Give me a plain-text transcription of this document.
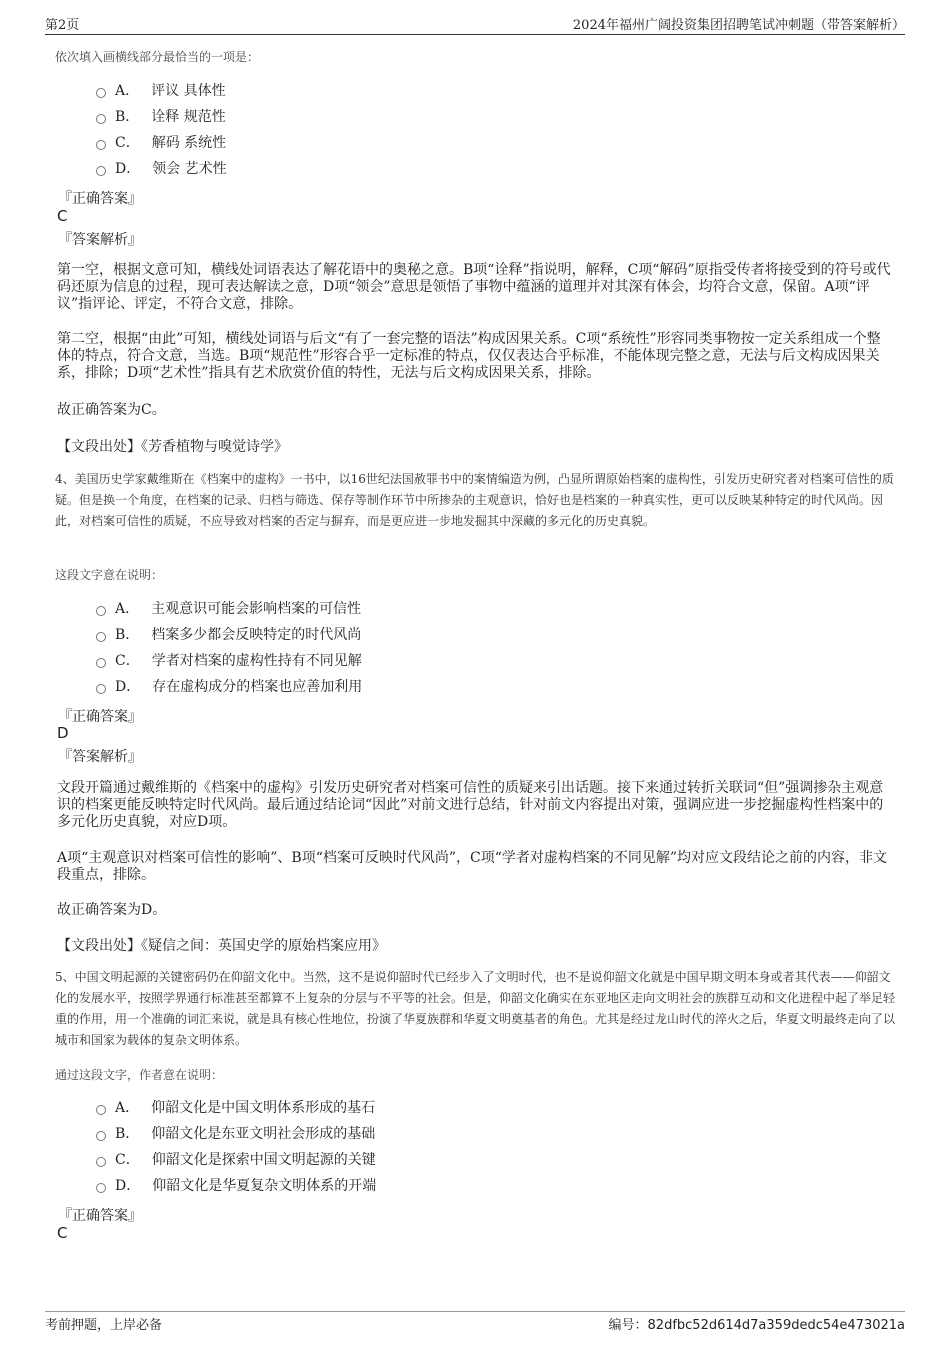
第2页	2024年福州广阔投资集团招聘笔试冲刺题（带答案解析）
依次填入画横线部分最恰当的一项是：
A． 评议 具体性
B． 诠释 规范性
C． 解码 系统性
D． 领会 艺术性
『正确答案』
C
『答案解析』
第一空，根据文意可知，横线处词语表达了解花语中的奥秘之意。B项“诠释”指说明，解释，C项“解码”原指受传者将接受到的符号或代码还原为信息的过程，现可表达解读之意，D项“领会”意思是领悟了事物中蕴涵的道理并对其深有体会，均符合文意，保留。A项“评议”指评论、评定，不符合文意，排除。
第二空，根据“由此”可知，横线处词语与后文“有了一套完整的语法”构成因果关系。C项“系统性”形容同类事物按一定关系组成一个整体的特点，符合文意，当选。B项“规范性”形容合乎一定标准的特点，仅仅表达合乎标准，不能体现完整之意，无法与后文构成因果关系，排除；D项“艺术性”指具有艺术欣赏价值的特性，无法与后文构成因果关系，排除。
故正确答案为C。
【文段出处】《芳香植物与嗅觉诗学》
4、美国历史学家戴维斯在《档案中的虚构》一书中，以16世纪法国赦罪书中的案情编造为例，凸显所谓原始档案的虚构性，引发历史研究者对档案可信性的质疑。但是换一个角度，在档案的记录、归档与筛选、保存等制作环节中所掺杂的主观意识，恰好也是档案的一种真实性，更可以反映某种特定的时代风尚。因此，对档案可信性的质疑，不应导致对档案的否定与摒弃，而是更应进一步地发掘其中深藏的多元化的历史真貌。
这段文字意在说明：
A． 主观意识可能会影响档案的可信性
B． 档案多少都会反映特定的时代风尚
C． 学者对档案的虚构性持有不同见解
D． 存在虚构成分的档案也应善加利用
『正确答案』
D
『答案解析』
文段开篇通过戴维斯的《档案中的虚构》引发历史研究者对档案可信性的质疑来引出话题。接下来通过转折关联词“但”强调掺杂主观意识的档案更能反映特定时代风尚。最后通过结论词“因此”对前文进行总结，针对前文内容提出对策，强调应进一步挖掘虚构性档案中的多元化历史真貌，对应D项。
A项“主观意识对档案可信性的影响”、B项“档案可反映时代风尚”，C项“学者对虚构档案的不同见解”均对应文段结论之前的内容，非文段重点，排除。
故正确答案为D。
【文段出处】《疑信之间：英国史学的原始档案应用》
5、中国文明起源的关键密码仍在仰韶文化中。当然，这不是说仰韶时代已经步入了文明时代，也不是说仰韶文化就是中国早期文明本身或者其代表——仰韶文化的发展水平，按照学界通行标准甚至都算不上复杂的分层与不平等的社会。但是，仰韶文化确实在东亚地区走向文明社会的族群互动和文化进程中起了举足轻重的作用，用一个准确的词汇来说，就是具有核心性地位，扮演了华夏族群和华夏文明奠基者的角色。尤其是经过龙山时代的淬火之后，华夏文明最终走向了以城市和国家为载体的复杂文明体系。
通过这段文字，作者意在说明：
A． 仰韶文化是中国文明体系形成的基石
B． 仰韶文化是东亚文明社会形成的基础
C． 仰韶文化是探索中国文明起源的关键
D． 仰韶文化是华夏复杂文明体系的开端
『正确答案』
C
考前押题，上岸必备	编号：82dfbc52d614d7a359dedc54e473021a
